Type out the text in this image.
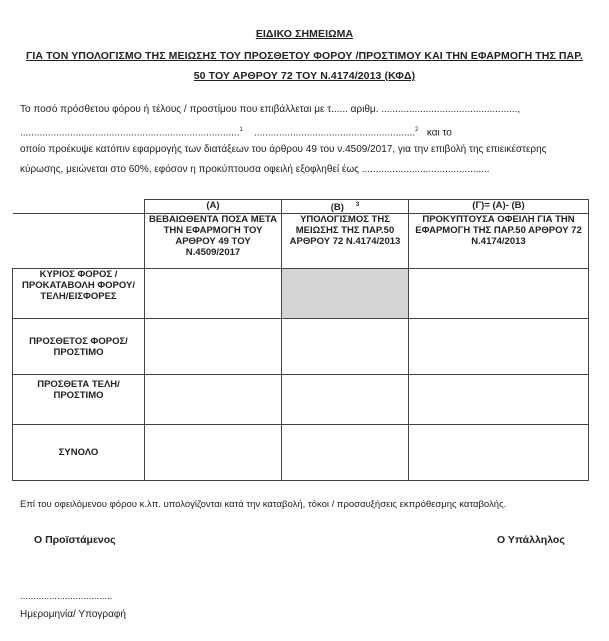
ΕΙΔΙΚΟ ΣΗΜΕΙΩΜΑ
ΓΙΑ ΤΟΝ ΥΠΟΛΟΓΙΣΜΟ ΤΗΣ ΜΕΙΩΣΗΣ ΤΟΥ ΠΡΟΣΘΕΤΟΥ ΦΟΡΟΥ /ΠΡΟΣΤΙΜΟΥ ΚΑΙ ΤΗΝ ΕΦΑΡΜΟΓΗ ΤΗΣ ΠΑΡ.
50 ΤΟΥ ΑΡΘΡΟΥ 72 ΤΟΥ Ν.4174/2013 (ΚΦΔ)
Το ποσό πρόσθετου φόρου ή τέλους / προστίμου που επιβάλλεται με τ...... αριθμ. .................................................,
...............................................................................$^1$ ..........................................................$^2$ και το
οποίο προέκυψε κατόπιν εφαρμογής των διατάξεων του άρθρου 49 του ν.4509/2017, για την επιβολή της επιεικέστερης
κύρωσης, μειώνεται στο 60%, εφόσον η προκύπτουσα οφειλή εξοφληθεί έως ..............................................
	(Α)	(Β) $^3$	(Γ)= (Α)- (Β)
	ΒΕΒΑΙΩΘΕΝΤΑ ΠΟΣΑ ΜΕΤΑ ΤΗΝ ΕΦΑΡΜΟΓΗ ΤΟΥ ΑΡΘΡΟΥ 49 ΤΟΥ Ν.4509/2017	ΥΠΟΛΟΓΙΣΜΟΣ ΤΗΣ ΜΕΙΩΣΗΣ ΤΗΣ ΠΑΡ.50 ΑΡΘΡΟΥ 72 Ν.4174/2013	ΠΡΟΚΥΠΤΟΥΣΑ ΟΦΕΙΛΗ ΓΙΑ ΤΗΝ ΕΦΑΡΜΟΓΗ ΤΗΣ ΠΑΡ.50 ΑΡΘΡΟΥ 72 Ν.4174/2013
ΚΥΡΙΟΣ ΦΟΡΟΣ /ΠΡΟΚΑΤΑΒΟΛΗ ΦΟΡΟΥ/ ΤΕΛΗ/ΕΙΣΦΟΡΕΣ			
ΠΡΟΣΘΕΤΟΣ ΦΟΡΟΣ/ ΠΡΟΣΤΙΜΟ			
ΠΡΟΣΘΕΤΑ ΤΕΛΗ/ ΠΡΟΣΤΙΜΟ			
ΣΥΝΟΛΟ			
Επί του οφειλόμενου φόρου κ.λπ. υπολογίζονται κατά την καταβολή, τόκοι / προσαυξήσεις εκπρόθεσμης καταβολής.
Ο Προϊστάμενος	Ο Υπάλληλος
...................................
Ημερομηνία/ Υπογραφή
